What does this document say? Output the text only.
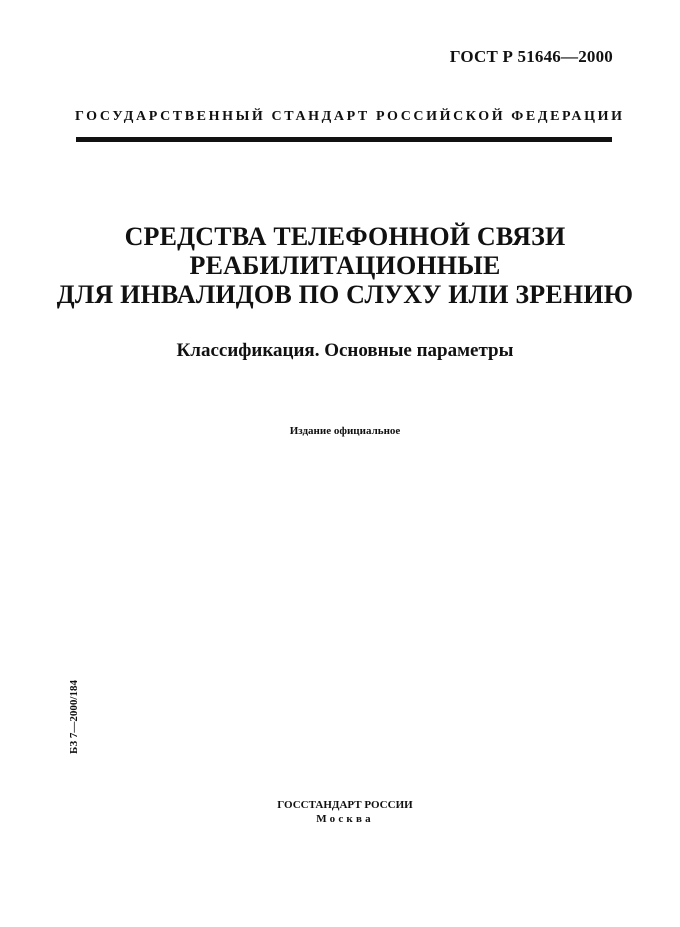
ГОСТ Р 51646—2000
ГОСУДАРСТВЕННЫЙ СТАНДАРТ РОССИЙСКОЙ ФЕДЕРАЦИИ
СРЕДСТВА ТЕЛЕФОННОЙ СВЯЗИ
РЕАБИЛИТАЦИОННЫЕ
ДЛЯ ИНВАЛИДОВ ПО СЛУХУ ИЛИ ЗРЕНИЮ
Классификация. Основные параметры
Издание официальное
БЗ 7—2000/184
ГОССТАНДАРТ РОССИИ
Москва
